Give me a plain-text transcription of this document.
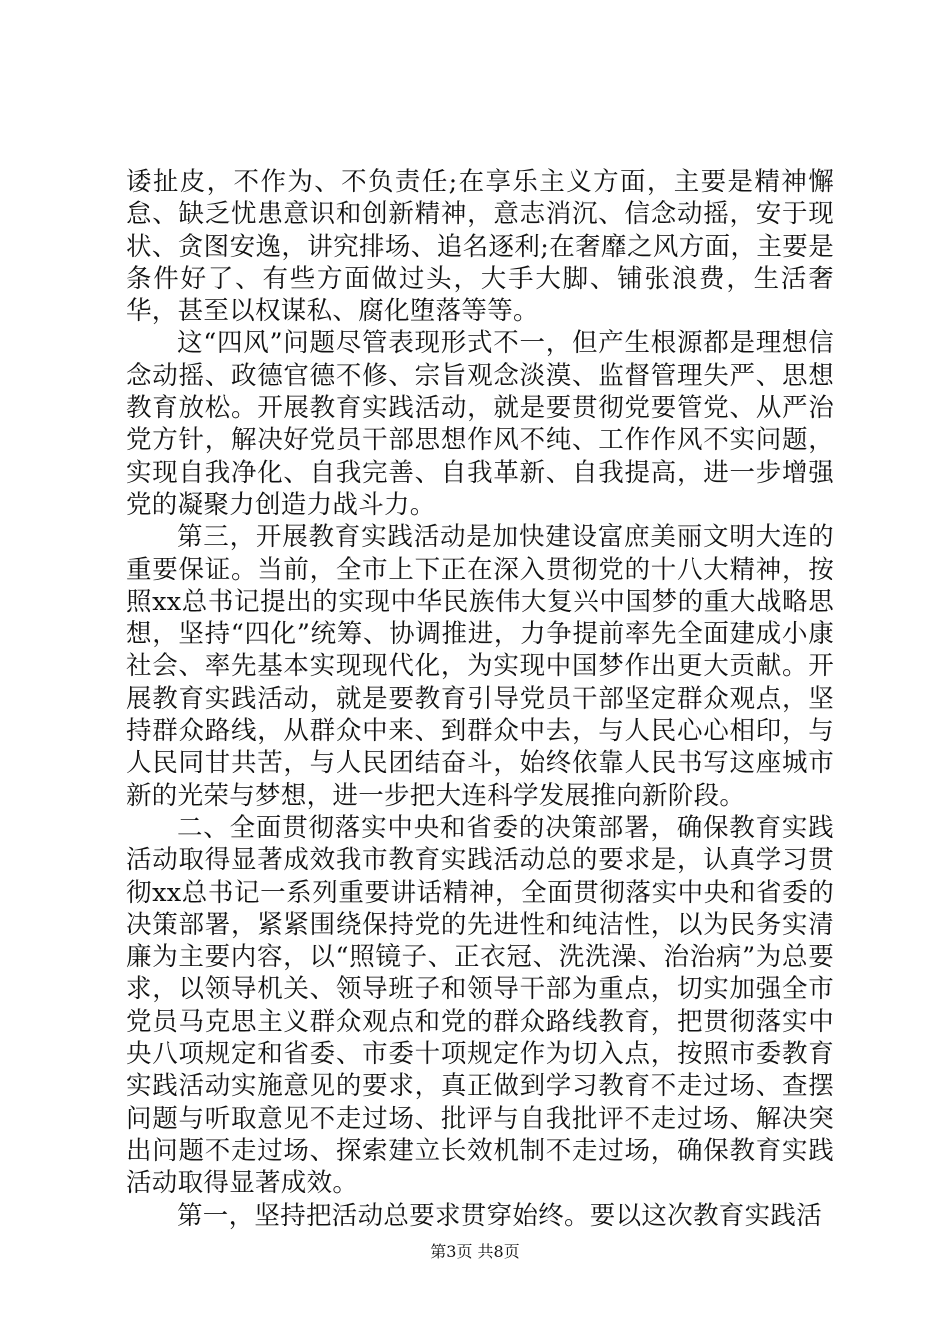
诿扯皮，不作为、不负责任;在享乐主义方面，主要是精神懈怠、缺乏忧患意识和创新精神，意志消沉、信念动摇，安于现状、贪图安逸，讲究排场、追名逐利;在奢靡之风方面，主要是条件好了、有些方面做过头，大手大脚、铺张浪费，生活奢华，甚至以权谋私、腐化堕落等等。

这“四风”问题尽管表现形式不一，但产生根源都是理想信念动摇、政德官德不修、宗旨观念淡漠、监督管理失严、思想教育放松。开展教育实践活动，就是要贯彻党要管党、从严治党方针，解决好党员干部思想作风不纯、工作作风不实问题，实现自我净化、自我完善、自我革新、自我提高，进一步增强党的凝聚力创造力战斗力。

第三，开展教育实践活动是加快建设富庶美丽文明大连的重要保证。当前，全市上下正在深入贯彻党的十八大精神，按照xx总书记提出的实现中华民族伟大复兴中国梦的重大战略思想，坚持“四化”统筹、协调推进，力争提前率先全面建成小康社会、率先基本实现现代化，为实现中国梦作出更大贡献。开展教育实践活动，就是要教育引导党员干部坚定群众观点，坚持群众路线，从群众中来、到群众中去，与人民心心相印，与人民同甘共苦，与人民团结奋斗，始终依靠人民书写这座城市新的光荣与梦想，进一步把大连科学发展推向新阶段。

二、全面贯彻落实中央和省委的决策部署，确保教育实践活动取得显著成效我市教育实践活动总的要求是，认真学习贯彻xx总书记一系列重要讲话精神，全面贯彻落实中央和省委的决策部署，紧紧围绕保持党的先进性和纯洁性，以为民务实清廉为主要内容，以“照镜子、正衣冠、洗洗澡、治治病”为总要求，以领导机关、领导班子和领导干部为重点，切实加强全市党员马克思主义群众观点和党的群众路线教育，把贯彻落实中央八项规定和省委、市委十项规定作为切入点，按照市委教育实践活动实施意见的要求，真正做到学习教育不走过场、查摆问题与听取意见不走过场、批评与自我批评不走过场、解决突出问题不走过场、探索建立长效机制不走过场，确保教育实践活动取得显著成效。

第一，坚持把活动总要求贯穿始终。要以这次教育实践活

第3页 共8页
